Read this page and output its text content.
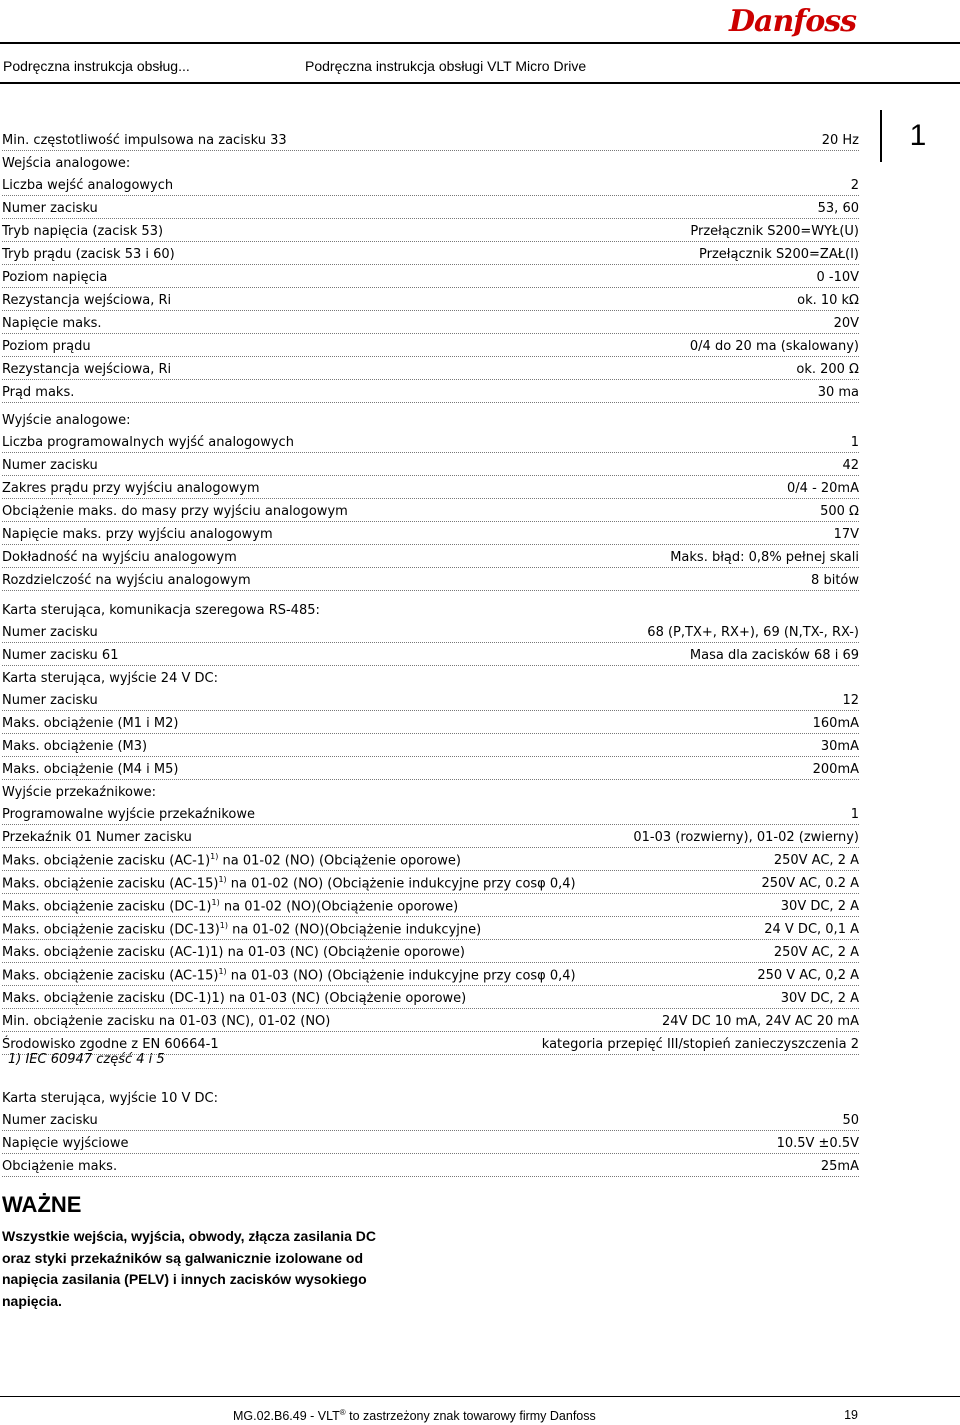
Danfoss
Podręczna instrukcja obsług...	Podręczna instrukcja obsługi VLT Micro Drive
1
Min. częstotliwość impulsowa na zacisku 33	20 Hz
Wejścia analogowe:
Liczba wejść analogowych	2
Numer zacisku	53, 60
Tryb napięcia (zacisk 53)	Przełącznik S200=WYŁ(U)
Tryb prądu (zacisk 53 i 60)	Przełącznik S200=ZAŁ(I)
Poziom napięcia	0 -10V
Rezystancja wejściowa, Ri	ok. 10 kΩ
Napięcie maks.	20V
Poziom prądu	0/4 do 20 ma (skalowany)
Rezystancja wejściowa, Ri	ok. 200 Ω
Prąd maks.	30 ma
Wyjście analogowe:
Liczba programowalnych wyjść analogowych	1
Numer zacisku	42
Zakres prądu przy wyjściu analogowym	0/4 - 20mA
Obciążenie maks. do masy przy wyjściu analogowym	500 Ω
Napięcie maks. przy wyjściu analogowym	17V
Dokładność na wyjściu analogowym	Maks. błąd: 0,8% pełnej skali
Rozdzielczość na wyjściu analogowym	8 bitów
Karta sterująca, komunikacja szeregowa RS-485:
Numer zacisku	68 (P,TX+, RX+), 69 (N,TX-, RX-)
Numer zacisku 61	Masa dla zacisków 68 i 69
Karta sterująca, wyjście 24 V DC:
Numer zacisku	12
Maks. obciążenie (M1 i M2)	160mA
Maks. obciążenie (M3)	30mA
Maks. obciążenie (M4 i M5)	200mA
Wyjście przekaźnikowe:
Programowalne wyjście przekaźnikowe	1
Przekaźnik 01 Numer zacisku	01-03 (rozwierny), 01-02 (zwierny)
Maks. obciążenie zacisku $(AC-1)^{1)}$ na 01-02 (NO) (Obciążenie oporowe)	250V AC, 2 A
Maks. obciążenie zacisku $(AC-15)^{1)}$ na 01-02 (NO) (Obciążenie indukcyjne przy cosφ 0,4)	250V AC, 0.2 A
Maks. obciążenie zacisku $(DC-1)^{1)}$ na 01-02 (NO)(Obciążenie oporowe)	30V DC, 2 A
Maks. obciążenie zacisku $(DC-13)^{1)}$ na 01-02 (NO)(Obciążenie indukcyjne)	24 V DC, 0,1 A
Maks. obciążenie zacisku (AC-1)1) na 01-03 (NC) (Obciążenie oporowe)	250V AC, 2 A
Maks. obciążenie zacisku $(AC-15)^{1)}$ na 01-03 (NO) (Obciążenie indukcyjne przy cosφ 0,4)	250 V AC, 0,2 A
Maks. obciążenie zacisku (DC-1)1) na 01-03 (NC) (Obciążenie oporowe)	30V DC, 2 A
Min. obciążenie zacisku na 01-03 (NC), 01-02 (NO)	24V DC 10 mA, 24V AC 20 mA
Środowisko zgodne z EN 60664-1	kategoria przepięć III/stopień zanieczyszczenia 2
1) IEC 60947 część 4 i 5
Karta sterująca, wyjście 10 V DC:
Numer zacisku	50
Napięcie wyjściowe	10.5V ±0.5V
Obciążenie maks.	25mA
WAŻNE
Wszystkie wejścia, wyjścia, obwody, złącza zasilania DC oraz styki przekaźników są galwanicznie izolowane od napięcia zasilania (PELV) i innych zacisków wysokiego napięcia.
MG.02.B6.49 - VLT® to zastrzeżony znak towarowy firmy Danfoss	19
